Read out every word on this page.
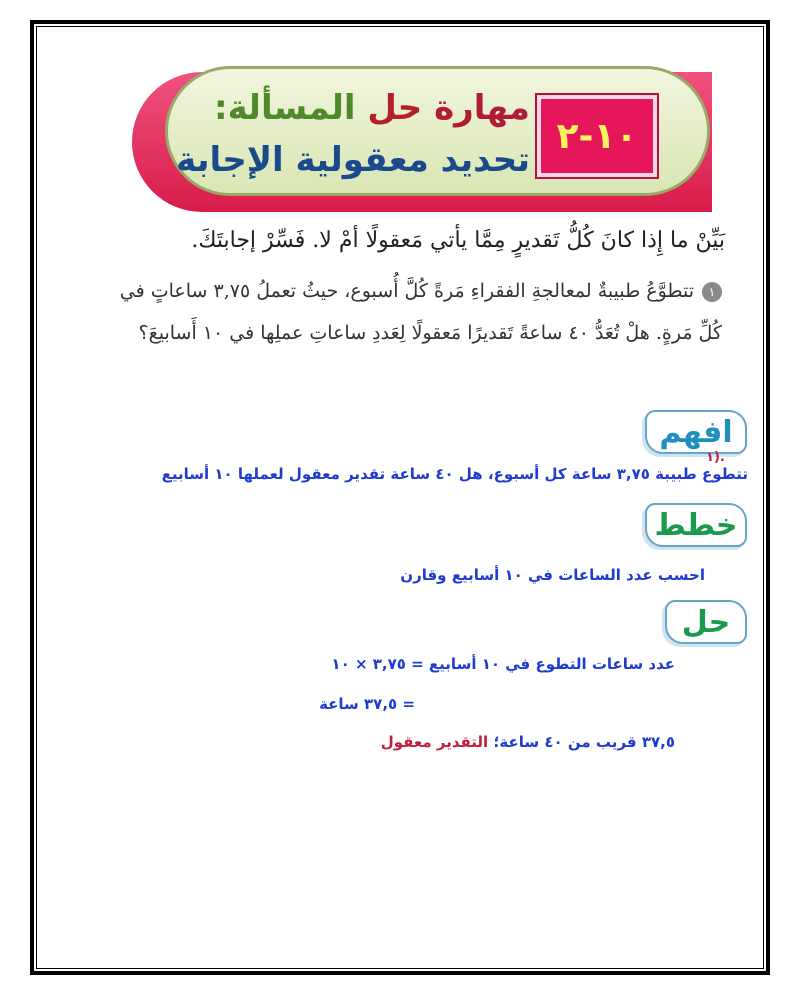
مهارة حل المسألة:
تحديد معقولية الإجابة
١٠-٢
بَيِّنْ ما إِذا كانَ كُلُّ تَقديرٍ مِمَّا يأتي مَعقولًا أمْ لا. فَسِّرْ إجابتَكَ.
١تتطوَّعُ طبيبةٌ لمعالجةِ الفقراءِ مَرةً كُلَّ أُسبوع، حيثُ تعملُ ٣,٧٥ ساعاتٍ في
كُلِّ مَرةٍ. هلْ تُعَدُّ ٤٠ ساعةً تَقديرًا مَعقولًا لِعَددِ ساعاتِ عملِها في ١٠ أَسابيعَ؟
افهم
١).
تتطوع طبيبة ٣,٧٥ ساعة كل أسبوع، هل ٤٠ ساعة تقدير معقول لعملها ١٠ أسابيع
خطط
احسب عدد الساعات في ١٠ أسابيع وقارن
حل
عدد ساعات التطوع في ١٠ أسابيع = ٣,٧٥ × ١٠
= ٣٧,٥ ساعة
٣٧,٥ قريب من ٤٠ ساعة؛ التقدير معقول
